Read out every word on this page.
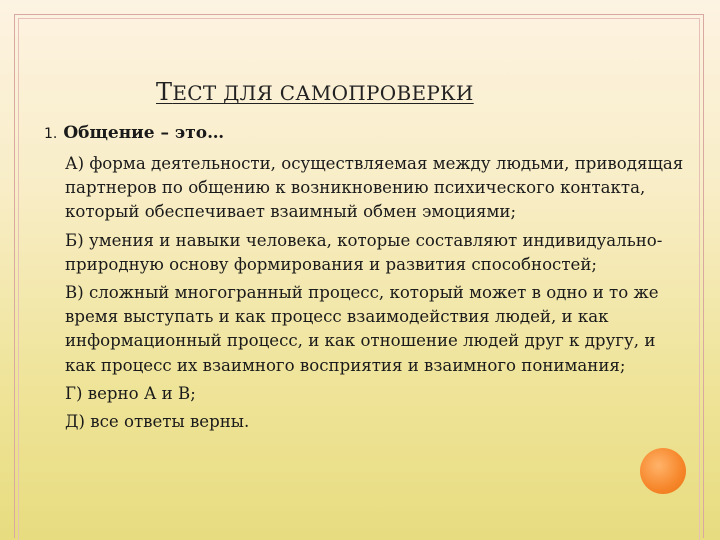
ТЕСТ ДЛЯ САМОПРОВЕРКИ
1. Общение – это…

А) форма деятельности, осуществляемая между людьми, приводящая партнеров по общению к возникновению психического контакта, который обеспечивает взаимный обмен эмоциями;

Б) умения и навыки человека, которые составляют индивидуально-природную основу формирования и развития способностей;

В) сложный многогранный процесс, который может в одно и то же время выступать и как процесс взаимодействия людей, и как информационный процесс, и как отношение людей друг к другу, и как процесс их взаимного восприятия и взаимного понимания;

Г) верно А и В;

Д) все ответы верны.
